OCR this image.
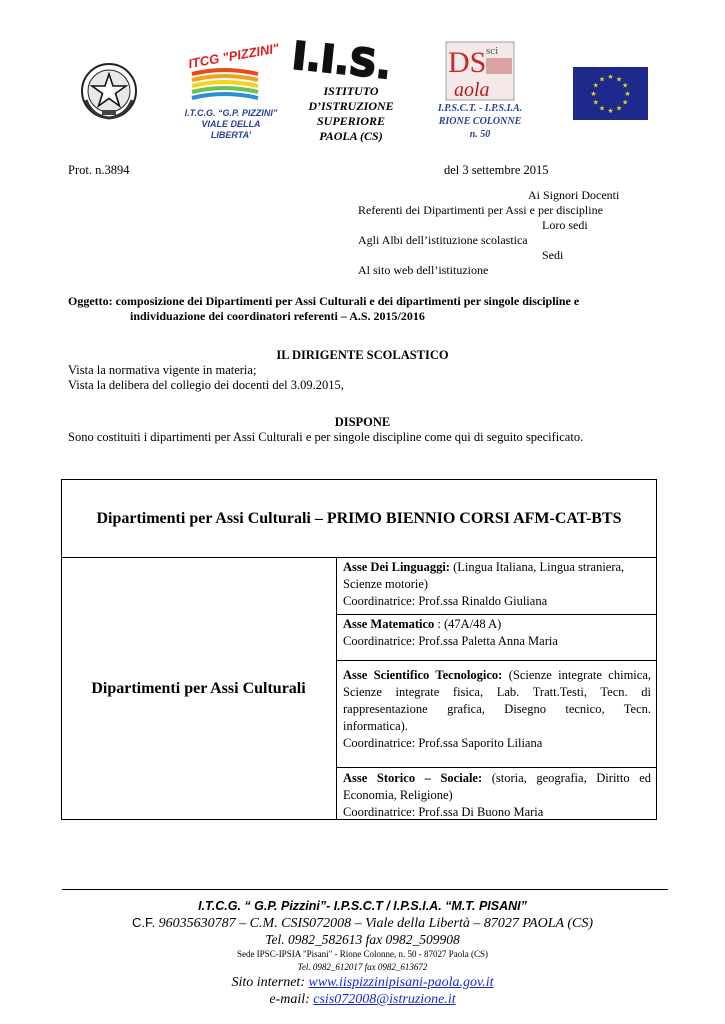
ITCG "PIZZINI"
I.T.C.G. “G.P. PIZZINI”
VIALE DELLA
LIBERTA’
I.I.S.
ISTITUTO
D’ISTRUZIONE
SUPERIORE
PAOLA (CS)
DS sci
aola
I.P.S.C.T. - I.P.S.I.A.
RIONE COLONNE
n. 50
★ ★
★
★
★
★
★
★
★
★
★
★
Prot. n.3894	del 3 settembre 2015
Ai Signori Docenti
Referenti dei Dipartimenti per Assi e per discipline
Loro sedi
Agli Albi dell’istituzione scolastica
Sedi
Al sito web dell’istituzione
Oggetto: composizione dei Dipartimenti per Assi Culturali e dei dipartimenti per singole discipline e
individuazione dei coordinatori referenti – A.S. 2015/2016
IL DIRIGENTE SCOLASTICO
Vista la normativa vigente in materia;
Vista la delibera del collegio dei docenti del 3.09.2015,
DISPONE
Sono costituiti i dipartimenti per Assi Culturali e per singole discipline come qui di seguito specificato.
Dipartimenti per Assi Culturali – PRIMO BIENNIO CORSI AFM-CAT-BTS
Dipartimenti per Assi Culturali
Asse Dei Linguaggi: (Lingua Italiana, Lingua straniera, Scienze motorie)
Coordinatrice: Prof.ssa Rinaldo Giuliana
Asse Matematico : (47A/48 A)
Coordinatrice: Prof.ssa Paletta Anna Maria
Asse Scientifico Tecnologico: (Scienze integrate chimica, Scienze integrate fisica, Lab. Tratt.Testi, Tecn. di rappresentazione grafica, Disegno tecnico, Tecn. informatica).
Coordinatrice: Prof.ssa Saporito Liliana
Asse Storico – Sociale: (storia, geografia, Diritto ed Economia, Religione)
Coordinatrice: Prof.ssa Di Buono Maria
I.T.C.G. “ G.P. Pizzini”- I.P.S.C.T / I.P.S.I.A. “M.T. PISANI”
C.F. 96035630787 – C.M. CSIS072008 – Viale della Libertà – 87027 PAOLA (CS)
Tel. 0982_582613 fax 0982_509908
Sede IPSC-IPSIA "Pisani" - Rione Colonne, n. 50 - 87027 Paola (CS)
Tel. 0982_612017 fax 0982_613672
Sito internet: www.iispizzinipisani-paola.gov.it
e-mail: csis072008@istruzione.it
